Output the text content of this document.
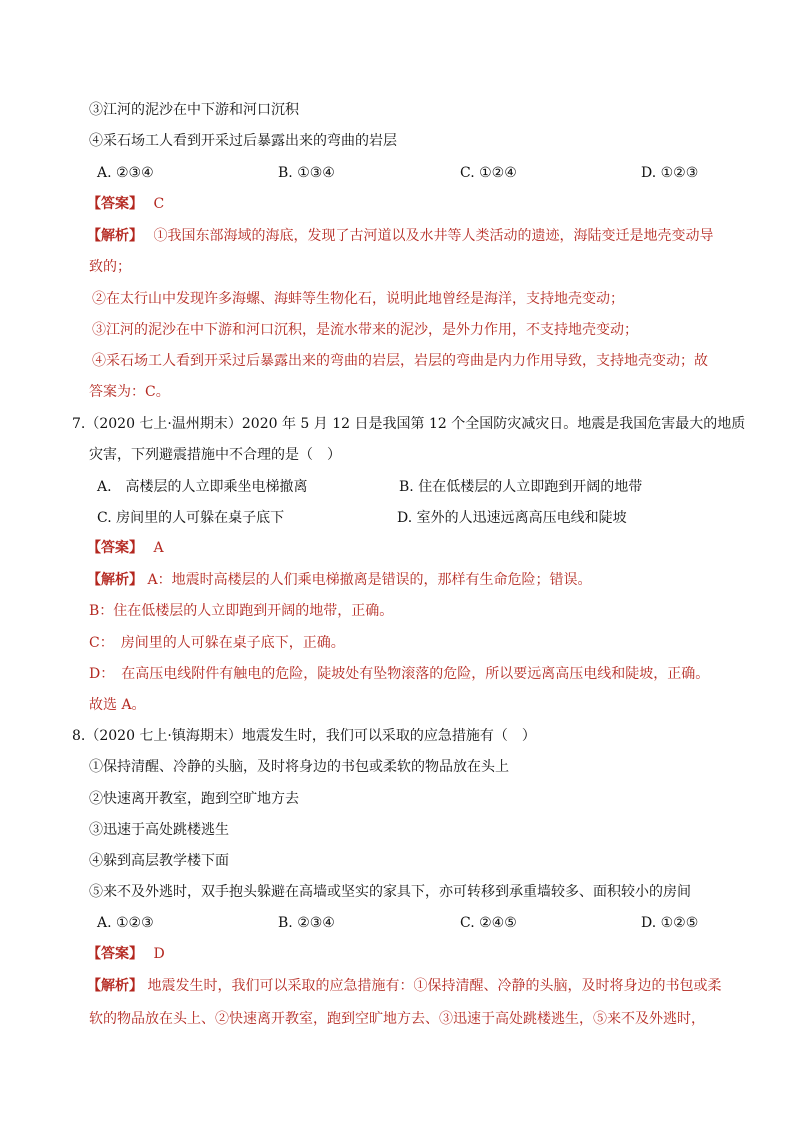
③江河的泥沙在中下游和河口沉积
④采石场工人看到开采过后暴露出来的弯曲的岩层
A. ②③④	B. ①③④	C. ①②④	D. ①②③
【答案】 C
【解析】 ①我国东部海域的海底，发现了古河道以及水井等人类活动的遗迹，海陆变迁是地壳变动导
致的；
②在太行山中发现许多海螺、海蚌等生物化石，说明此地曾经是海洋，支持地壳变动；
③江河的泥沙在中下游和河口沉积，是流水带来的泥沙，是外力作用，不支持地壳变动；
④采石场工人看到开采过后暴露出来的弯曲的岩层，岩层的弯曲是内力作用导致，支持地壳变动；故
答案为：C。
7.（2020 七上·温州期末）2020 年 5 月 12 日是我国第 12 个全国防灾减灾日。地震是我国危害最大的地质
灾害，下列避震措施中不合理的是（　）
A.　高楼层的人立即乘坐电梯撤离	B. 住在低楼层的人立即跑到开阔的地带
C. 房间里的人可躲在桌子底下	D. 室外的人迅速远离高压电线和陡坡
【答案】 A
【解析】 A：地震时高楼层的人们乘电梯撤离是错误的，那样有生命危险；错误。
B：住在低楼层的人立即跑到开阔的地带，正确。
C：　房间里的人可躲在桌子底下，正确。
D：　在高压电线附件有触电的危险，陡坡处有坠物滚落的危险，所以要远离高压电线和陡坡，正确。
故选 A。
8.（2020 七上·镇海期末）地震发生时，我们可以采取的应急措施有（　）
①保持清醒、冷静的头脑，及时将身边的书包或柔软的物品放在头上
②快速离开教室，跑到空旷地方去
③迅速于高处跳楼逃生
④躲到高层教学楼下面
⑤来不及外逃时，双手抱头躲避在高墙或坚实的家具下，亦可转移到承重墙较多、面积较小的房间
A. ①②③	B. ②③④	C. ②④⑤	D. ①②⑤
【答案】 D
【解析】 地震发生时，我们可以采取的应急措施有：①保持清醒、冷静的头脑，及时将身边的书包或柔
软的物品放在头上、②快速离开教室，跑到空旷地方去、③迅速于高处跳楼逃生，⑤来不及外逃时，
